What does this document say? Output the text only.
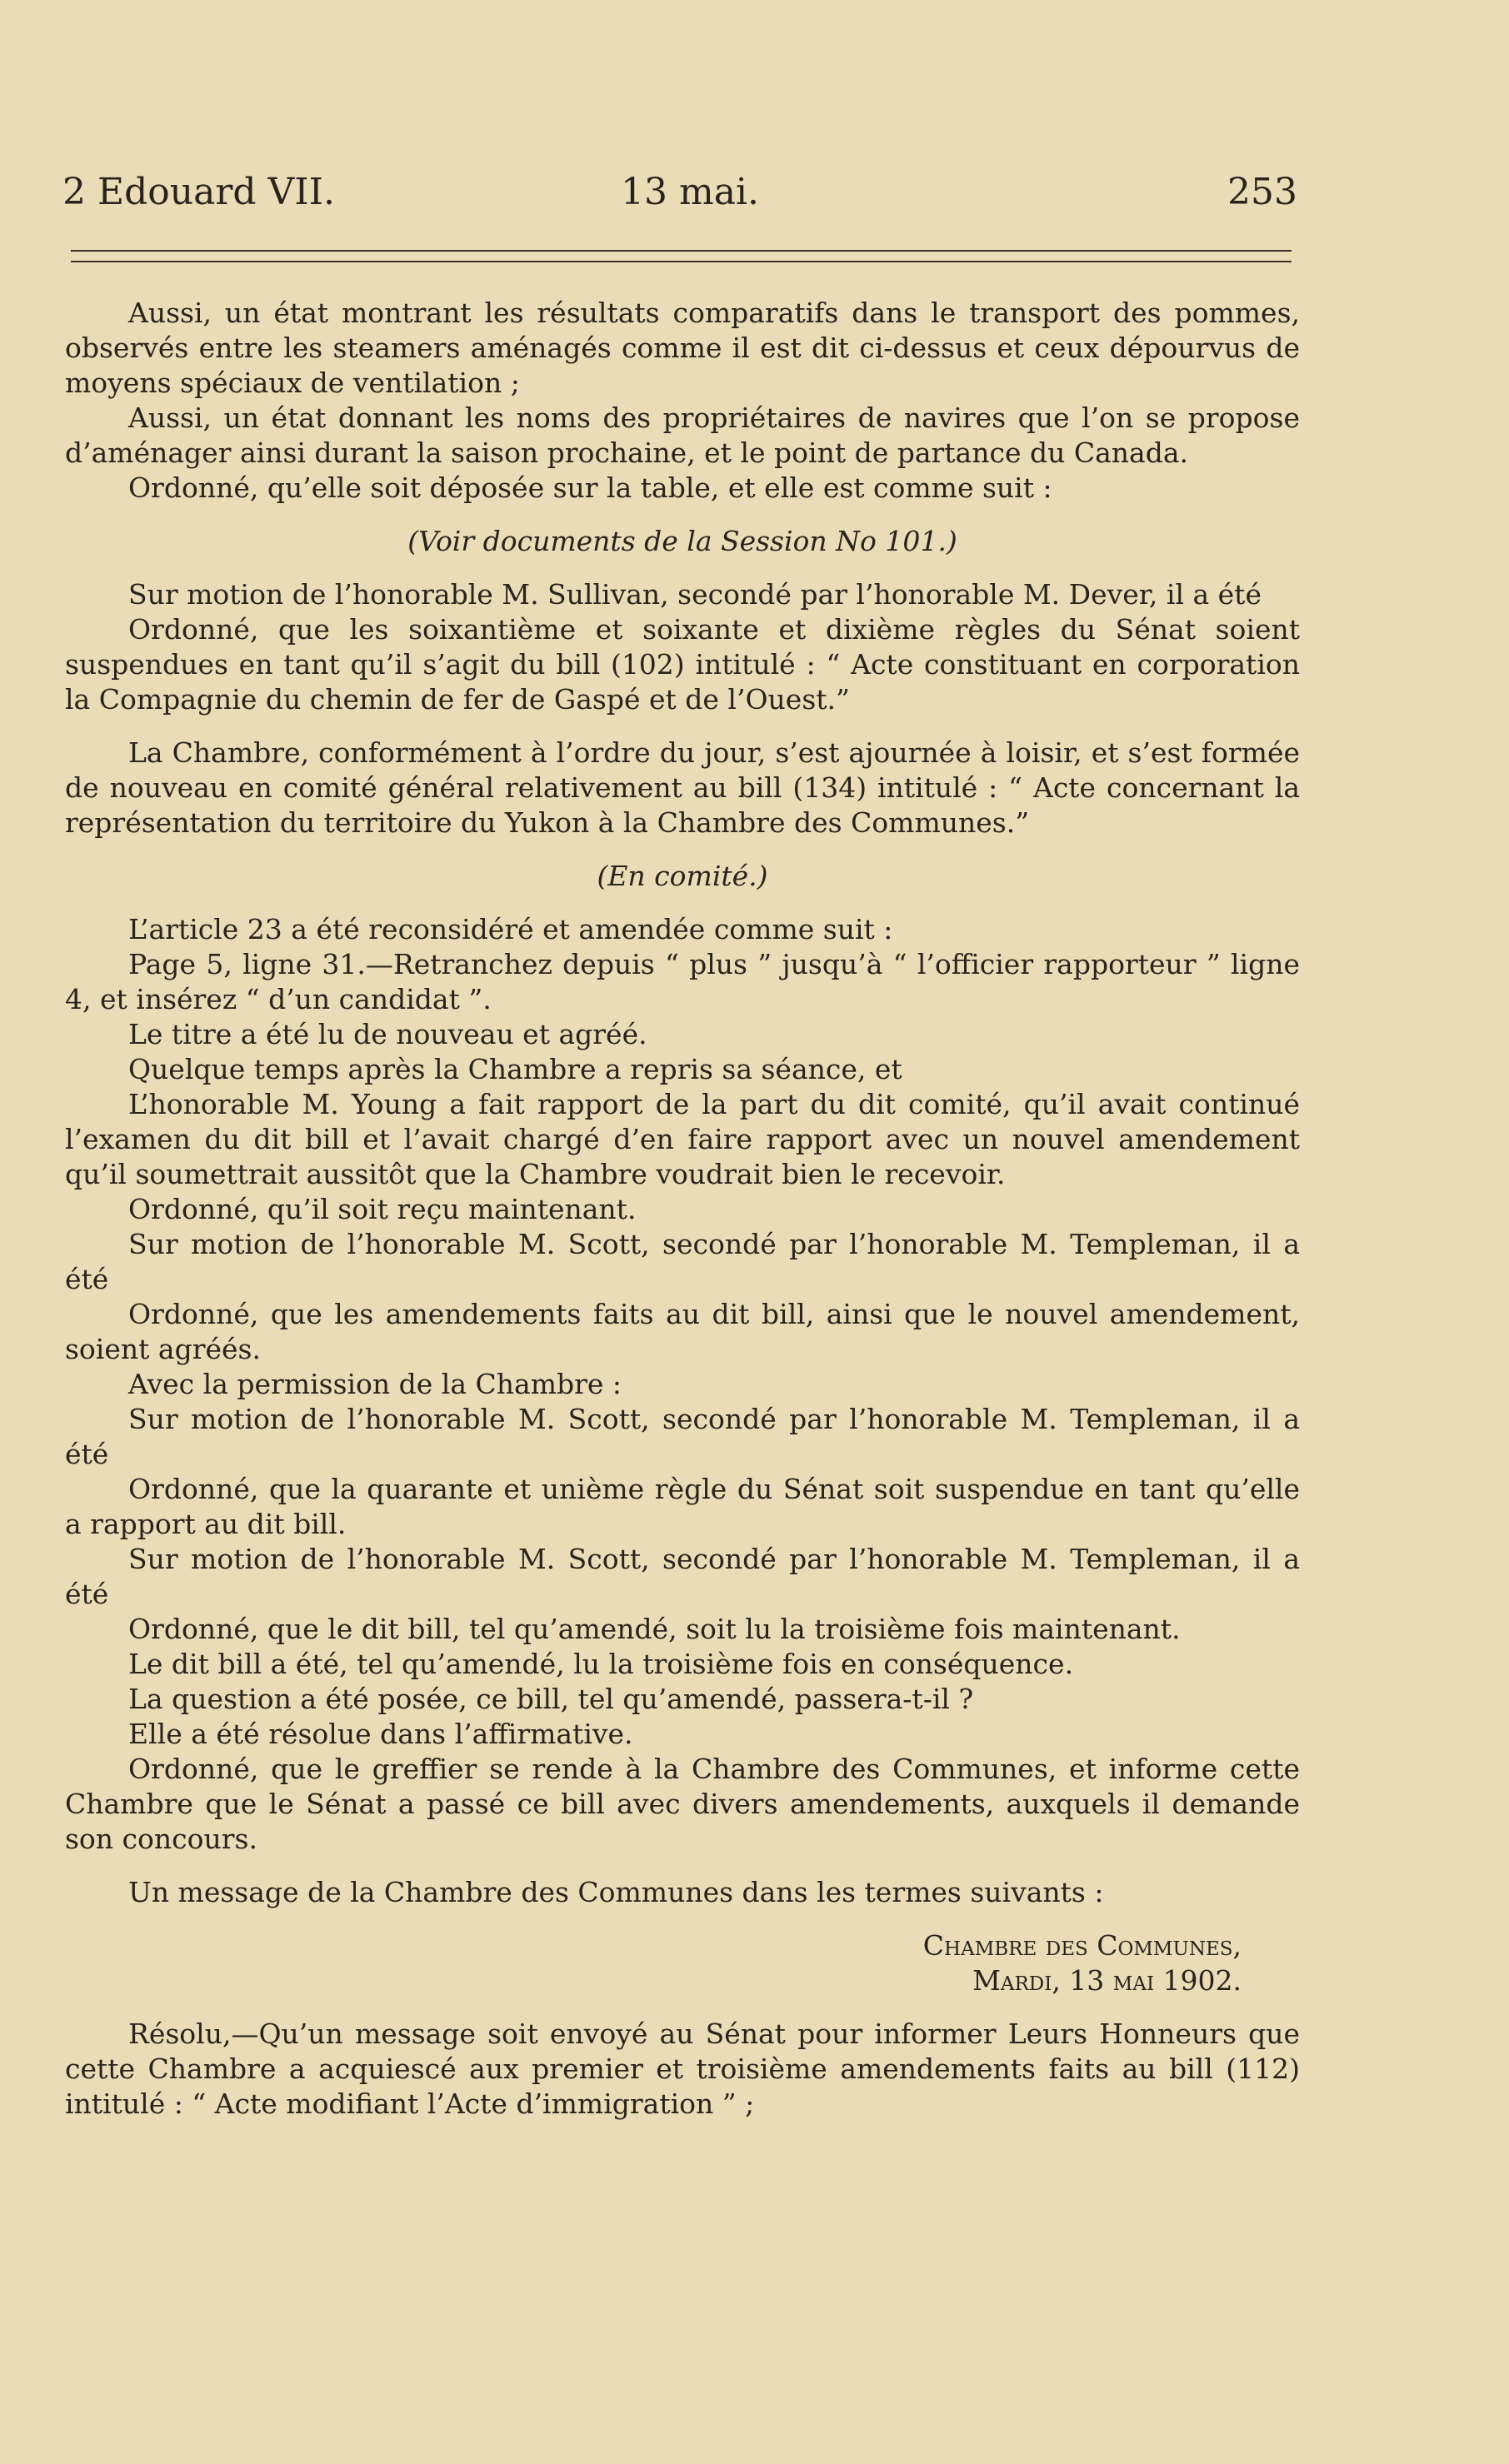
2 Edouard VII.	13 mai.	253

Aussi, un état montrant les résultats comparatifs dans le transport des pommes, observés entre les steamers aménagés comme il est dit ci-dessus et ceux dépourvus de moyens spéciaux de ventilation ;

Aussi, un état donnant les noms des propriétaires de navires que l’on se propose d’aménager ainsi durant la saison prochaine, et le point de partance du Canada.

Ordonné, qu’elle soit déposée sur la table, et elle est comme suit :

(Voir documents de la Session No 101.)

Sur motion de l’honorable M. Sullivan, secondé par l’honorable M. Dever, il a été

Ordonné, que les soixantième et soixante et dixième règles du Sénat soient suspendues en tant qu’il s’agit du bill (102) intitulé : “ Acte constituant en corporation la Compagnie du chemin de fer de Gaspé et de l’Ouest.”

La Chambre, conformément à l’ordre du jour, s’est ajournée à loisir, et s’est formée de nouveau en comité général relativement au bill (134) intitulé : “ Acte concernant la représentation du territoire du Yukon à la Chambre des Communes.”

(En comité.)

L’article 23 a été reconsidéré et amendée comme suit :

Page 5, ligne 31.—Retranchez depuis “ plus ” jusqu’à “ l’officier rapporteur ” ligne 4, et insérez “ d’un candidat ”.

Le titre a été lu de nouveau et agréé.

Quelque temps après la Chambre a repris sa séance, et

L’honorable M. Young a fait rapport de la part du dit comité, qu’il avait continué l’examen du dit bill et l’avait chargé d’en faire rapport avec un nouvel amendement qu’il soumettrait aussitôt que la Chambre voudrait bien le recevoir.

Ordonné, qu’il soit reçu maintenant.

Sur motion de l’honorable M. Scott, secondé par l’honorable M. Templeman, il a été

Ordonné, que les amendements faits au dit bill, ainsi que le nouvel amendement, soient agréés.

Avec la permission de la Chambre :

Sur motion de l’honorable M. Scott, secondé par l’honorable M. Templeman, il a été

Ordonné, que la quarante et unième règle du Sénat soit suspendue en tant qu’elle a rapport au dit bill.

Sur motion de l’honorable M. Scott, secondé par l’honorable M. Templeman, il a été

Ordonné, que le dit bill, tel qu’amendé, soit lu la troisième fois maintenant.

Le dit bill a été, tel qu’amendé, lu la troisième fois en conséquence.

La question a été posée, ce bill, tel qu’amendé, passera-t-il ?

Elle a été résolue dans l’affirmative.

Ordonné, que le greffier se rende à la Chambre des Communes, et informe cette Chambre que le Sénat a passé ce bill avec divers amendements, auxquels il demande son concours.

Un message de la Chambre des Communes dans les termes suivants :

Chambre des Communes,

Mardi, 13 mai 1902.

Résolu,—Qu’un message soit envoyé au Sénat pour informer Leurs Honneurs que cette Chambre a acquiescé aux premier et troisième amendements faits au bill (112) intitulé : “ Acte modifiant l’Acte d’immigration ” ;
